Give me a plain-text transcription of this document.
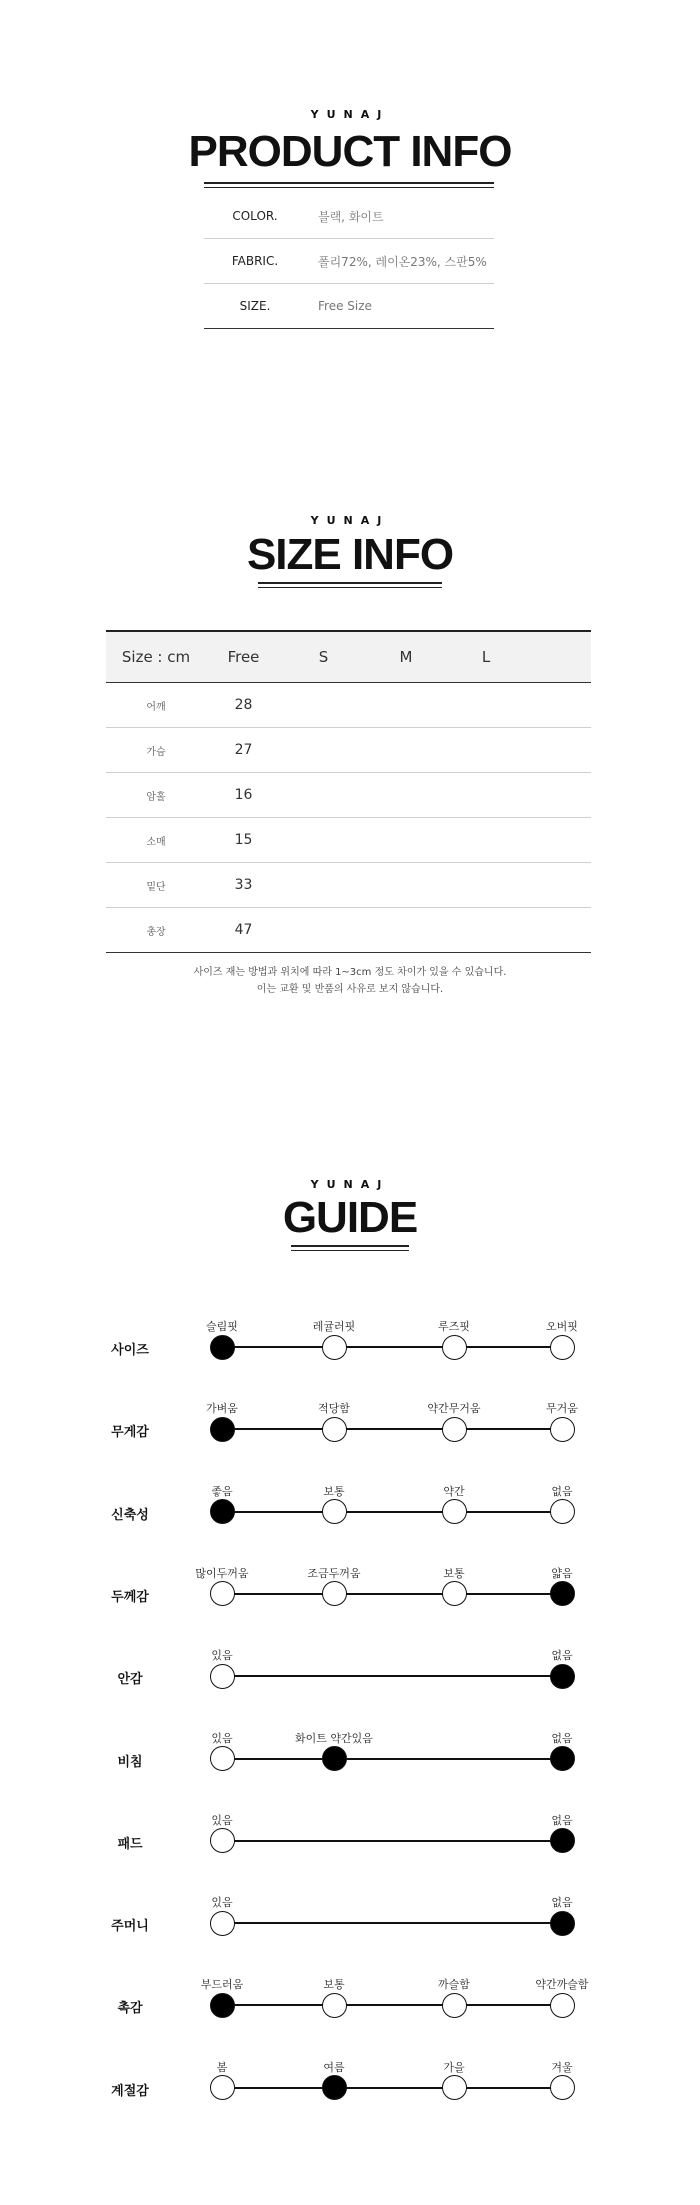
YUNAJ
PRODUCT INFO
COLOR.	블랙, 화이트
FABRIC.	폴리72%, 레이온23%, 스판5%
SIZE.	Free Size
YUNAJ
SIZE INFO
Size : cm	Free	S	M	L
어깨	28
가슴	27
암홀	16
소매	15
밑단	33
총장	47
사이즈 재는 방법과 위치에 따라 1~3cm 정도 차이가 있을 수 있습니다.
이는 교환 및 반품의 사유로 보지 않습니다.
YUNAJ
GUIDE
사이즈
슬림핏	레귤러핏	루즈핏	오버핏
무게감
가벼움	적당함	약간무거움	무거움
신축성
좋음	보통	약간	없음
두께감
많이두꺼움	조금두꺼움	보통	얇음
안감
있음	없음
비침
있음	화이트 약간있음	없음
패드
있음	없음
주머니
있음	없음
촉감
부드러움	보통	까슬함	약간까슬함
계절감
봄	여름	가을	겨울
